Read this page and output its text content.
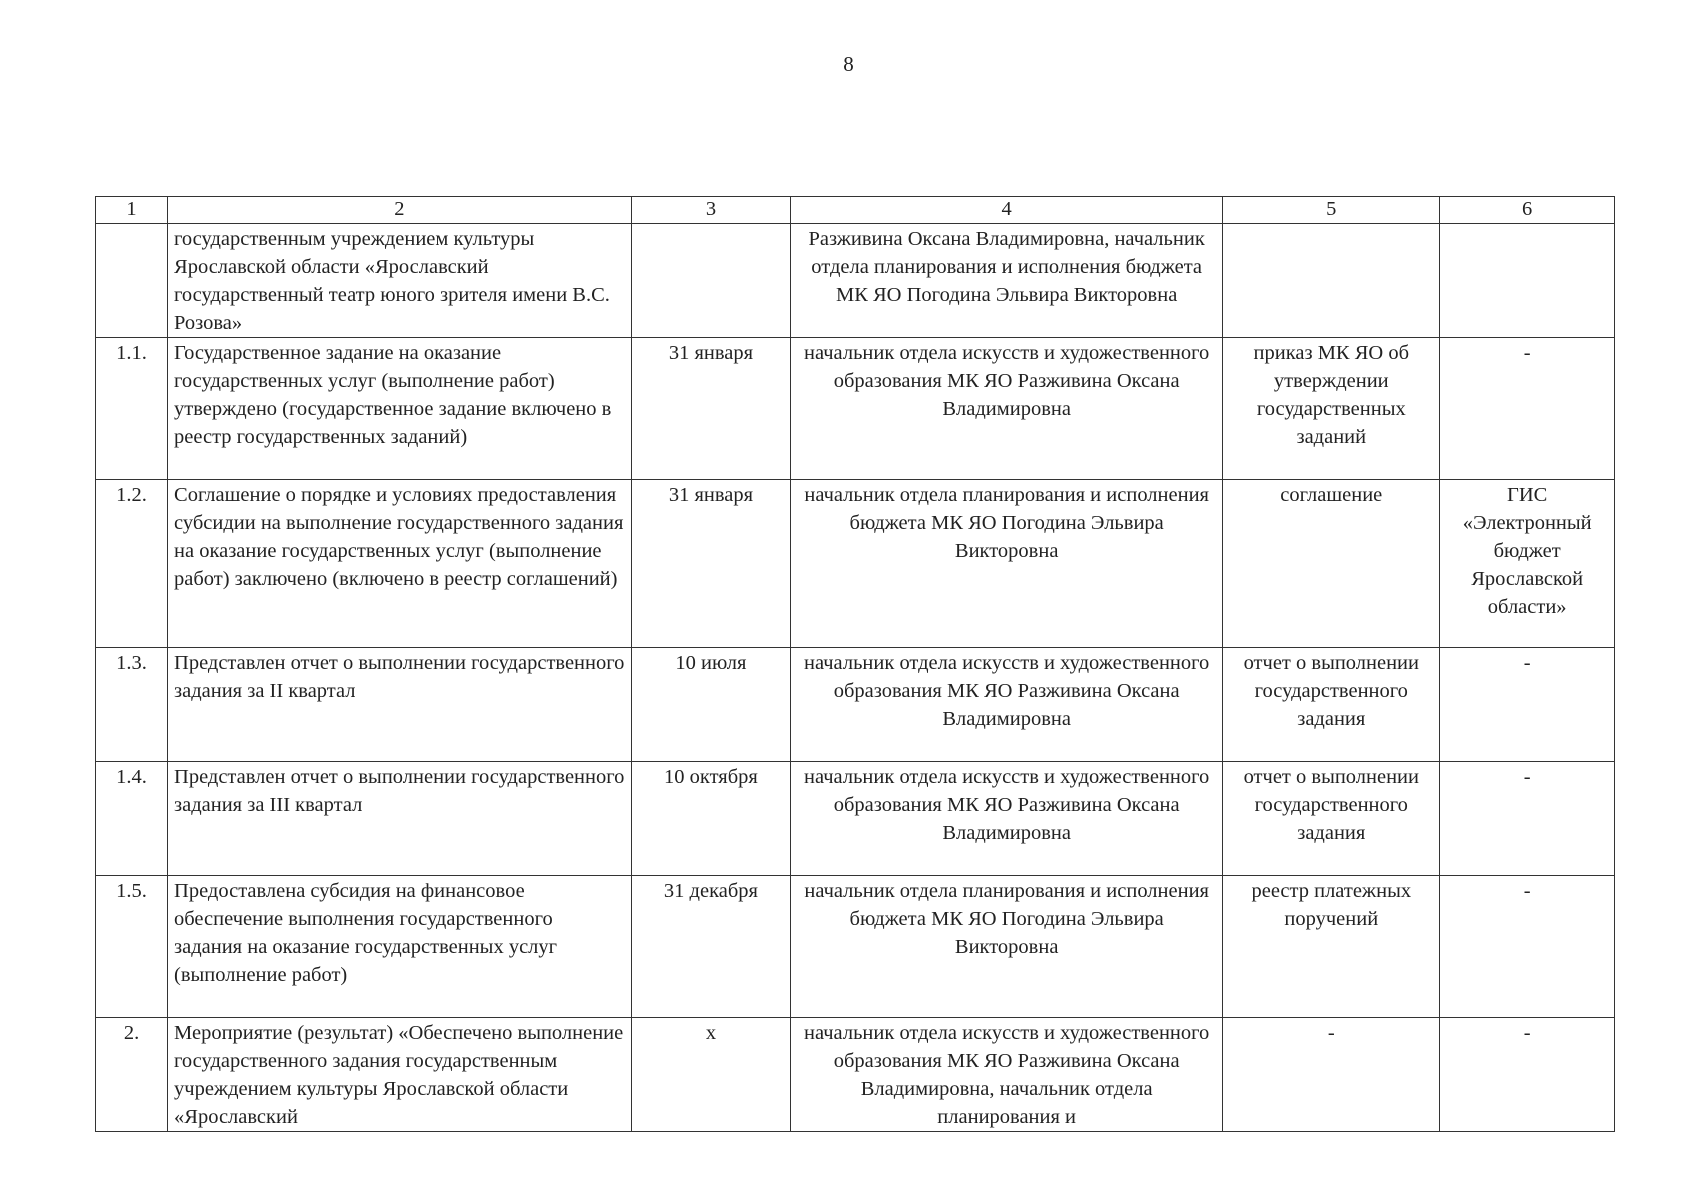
8
1	2	3	4	5	6
	государственным учреждением культуры Ярославской области «Ярославский государственный театр юного зрителя имени В.С. Розова»		Разживина Оксана Владимировна, начальник отдела планирования и исполнения бюджета МК ЯО Погодина Эльвира Викторовна		
1.1.	Государственное задание на оказание государственных услуг (выполнение работ) утверждено (государственное задание включено в реестр государственных заданий)	31 января	начальник отдела искусств и художественного образования МК ЯО Разживина Оксана Владимировна	приказ МК ЯО об утверждении государственных заданий	-
1.2.	Соглашение о порядке и условиях предоставления субсидии на выполнение государственного задания на оказание государственных услуг (выполнение работ) заключено (включено в реестр соглашений)	31 января	начальник отдела планирования и исполнения бюджета МК ЯО Погодина Эльвира Викторовна	соглашение	ГИС «Электронный бюджет Ярославской области»
1.3.	Представлен отчет о выполнении государственного задания за II квартал	10 июля	начальник отдела искусств и художественного образования МК ЯО Разживина Оксана Владимировна	отчет о выполнении государственного задания	-
1.4.	Представлен отчет о выполнении государственного задания за III квартал	10 октября	начальник отдела искусств и художественного образования МК ЯО Разживина Оксана Владимировна	отчет о выполнении государственного задания	-
1.5.	Предоставлена субсидия на финансовое обеспечение выполнения государственного задания на оказание государственных услуг (выполнение работ)	31 декабря	начальник отдела планирования и исполнения бюджета МК ЯО Погодина Эльвира Викторовна	реестр платежных поручений	-
2.	Мероприятие (результат) «Обеспечено выполнение государственного задания государственным учреждением культуры Ярославской области «Ярославский	х	начальник отдела искусств и художественного образования МК ЯО Разживина Оксана Владимировна, начальник отдела планирования и	-	-
